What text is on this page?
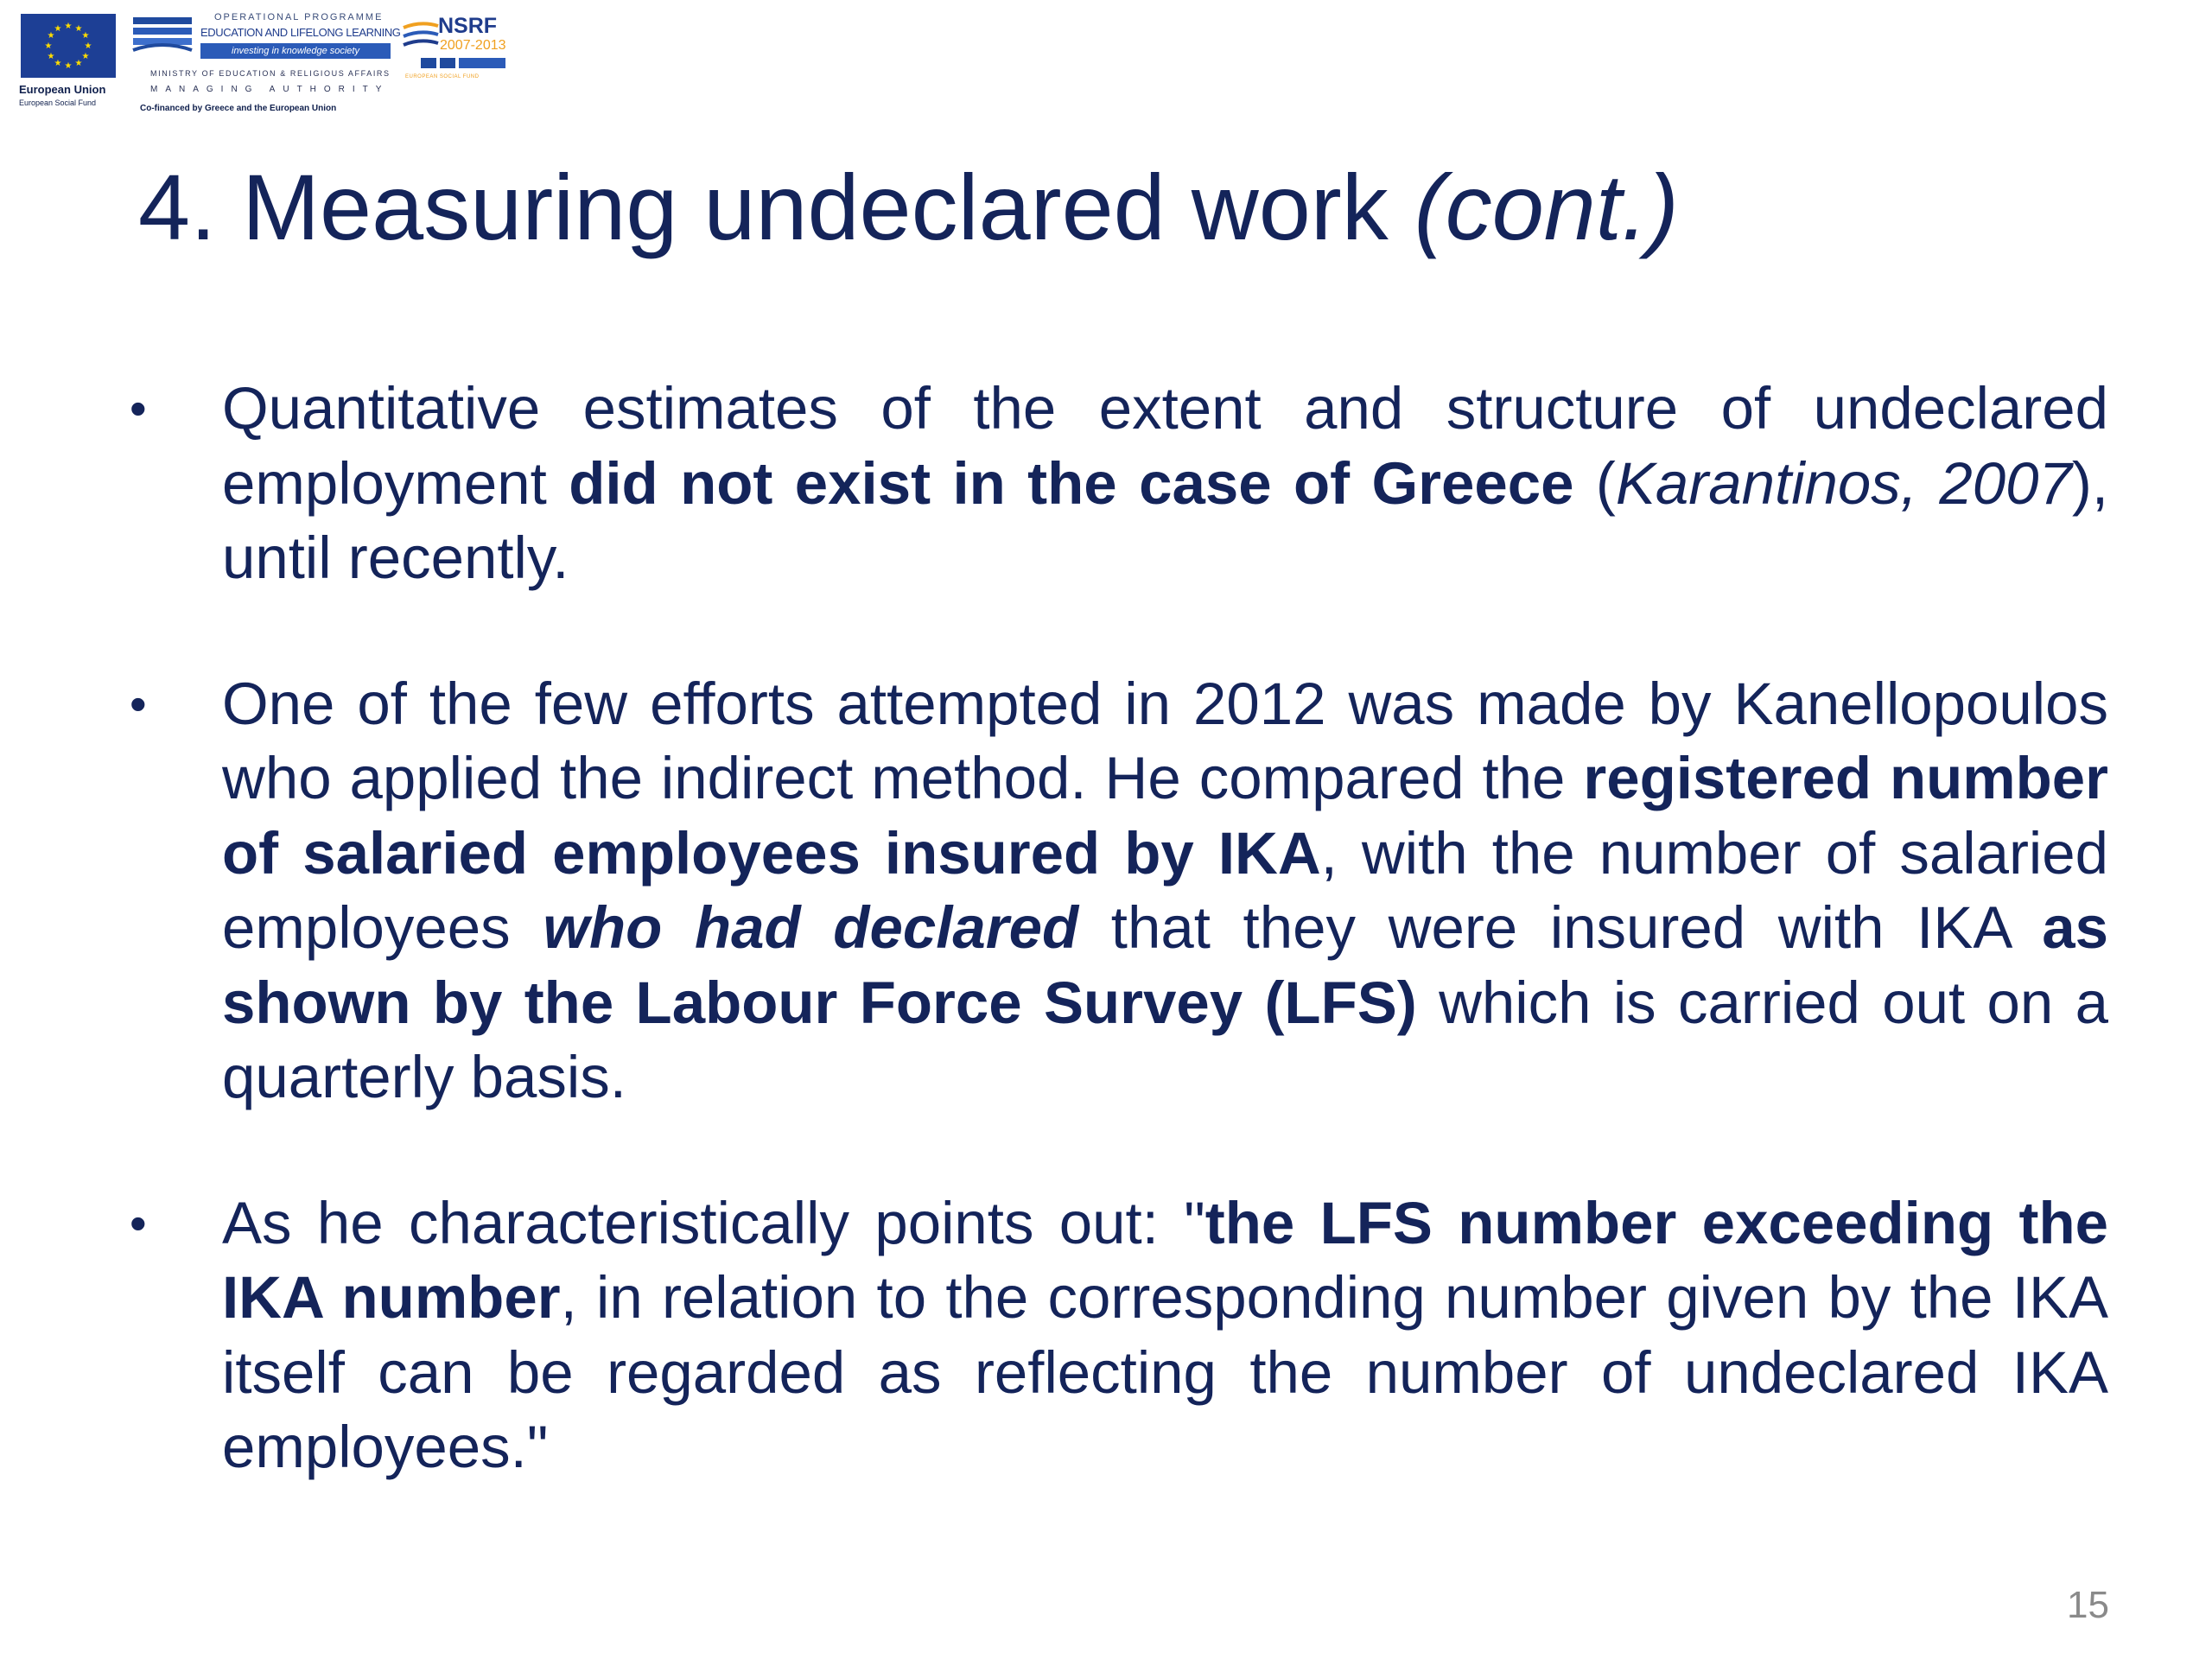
★ ★
★
★
★
★
★
★
★
★
★
★
European Union
European Social Fund
OPERATIONAL PROGRAMME
EDUCATION AND LIFELONG LEARNING
investing in knowledge society
MINISTRY OF EDUCATION & RELIGIOUS AFFAIRS
MANAGING AUTHORITY
Co-financed by Greece and the European Union
NSRF
2007-2013
EUROPEAN SOCIAL FUND
4. Measuring undeclared work (cont.)
• Quantitative estimates of the extent and structure of undeclared employment did not exist in the case of Greece (Karantinos, 2007), until recently.
• One of the few efforts attempted in 2012 was made by Kanellopoulos who applied the indirect method. He compared the registered number of salaried employees insured by IKA, with the number of salaried employees who had declared that they were insured with IKA as shown by the Labour Force Survey (LFS) which is carried out on a quarterly basis.
• As he characteristically points out: "the LFS number exceeding the IKA number, in relation to the corresponding number given by the IKA itself can be regarded as reflecting the number of undeclared IKA employees."
15
